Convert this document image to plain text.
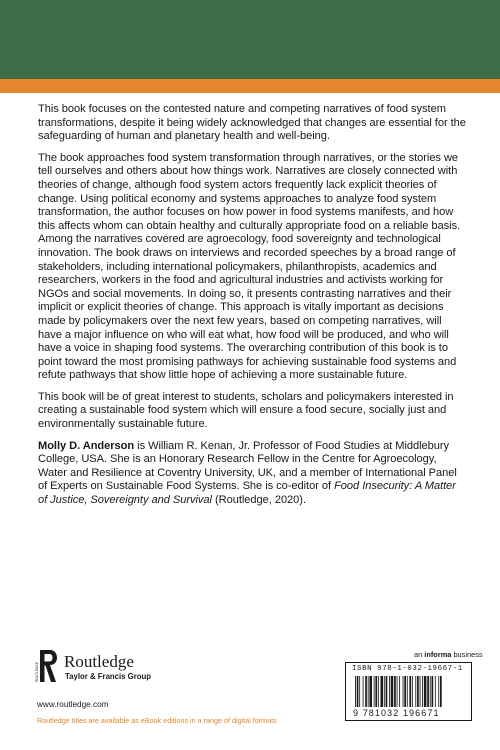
This book focuses on the contested nature and competing narratives of food system transformations, despite it being widely acknowledged that changes are essential for the safeguarding of human and planetary health and well-being.

The book approaches food system transformation through narratives, or the stories we tell ourselves and others about how things work. Narratives are closely connected with theories of change, although food system actors frequently lack explicit theories of change. Using political economy and systems approaches to analyze food system transformation, the author focuses on how power in food systems manifests, and how this affects whom can obtain healthy and culturally appropriate food on a reliable basis. Among the narratives covered are agroecology, food sovereignty and technological innovation. The book draws on interviews and recorded speeches by a broad range of stakeholders, including international policymakers, philanthropists, academics and researchers, workers in the food and agricultural industries and activists working for NGOs and social movements. In doing so, it presents contrasting narratives and their implicit or explicit theories of change. This approach is vitally important as decisions made by policymakers over the next few years, based on competing narratives, will have a major influence on who will eat what, how food will be produced, and who will have a voice in shaping food systems. The overarching contribution of this book is to point toward the most promising pathways for achieving sustainable food systems and refute pathways that show little hope of achieving a more sustainable future.

This book will be of great interest to students, scholars and policymakers interested in creating a sustainable food system which will ensure a food secure, socially just and environmentally sustainable future.

Molly D. Anderson is William R. Kenan, Jr. Professor of Food Studies at Middlebury College, USA. She is an Honorary Research Fellow in the Centre for Agroecology, Water and Resilience at Coventry University, UK, and a member of International Panel of Experts on Sustainable Food Systems. She is co-editor of Food Insecurity: A Matter of Justice, Sovereignty and Survival (Routledge, 2020).

ROUTLEDGE
Routledge
Taylor & Francis Group
www.routledge.com
Routledge titles are available as eBook editions in a range of digital formats
an informa business
ISBN 978-1-032-19667-1
9 781032 196671
